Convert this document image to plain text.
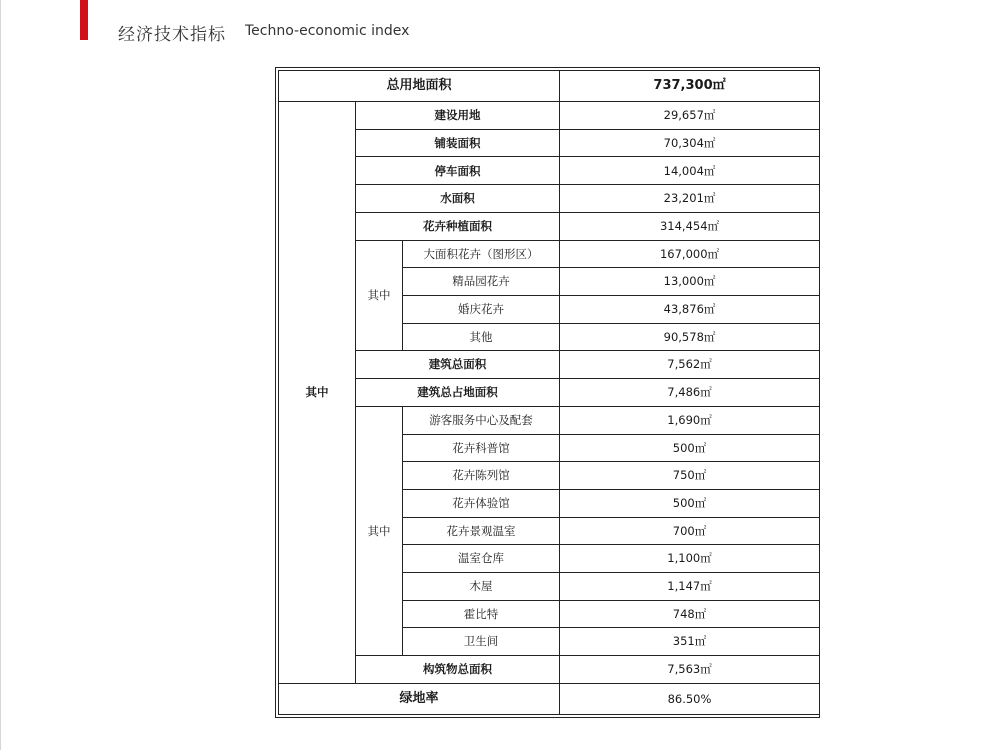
经济技术指标 Techno-economic index
总用地面积			737,300㎡
其中	建设用地		29,657㎡
	铺装面积		70,304㎡
	停车面积		14,004㎡
	水面积		23,201㎡
	花卉种植面积		314,454㎡
	其中	大面积花卉（图形区）	167,000㎡
		精品园花卉	13,000㎡
		婚庆花卉	43,876㎡
		其他	90,578㎡
	建筑总面积		7,562㎡
	建筑总占地面积		7,486㎡
	其中	游客服务中心及配套	1,690㎡
		花卉科普馆	500㎡
		花卉陈列馆	750㎡
		花卉体验馆	500㎡
		花卉景观温室	700㎡
		温室仓库	1,100㎡
		木屋	1,147㎡
		霍比特	748㎡
		卫生间	351㎡
	构筑物总面积		7,563㎡
绿地率			86.50%
